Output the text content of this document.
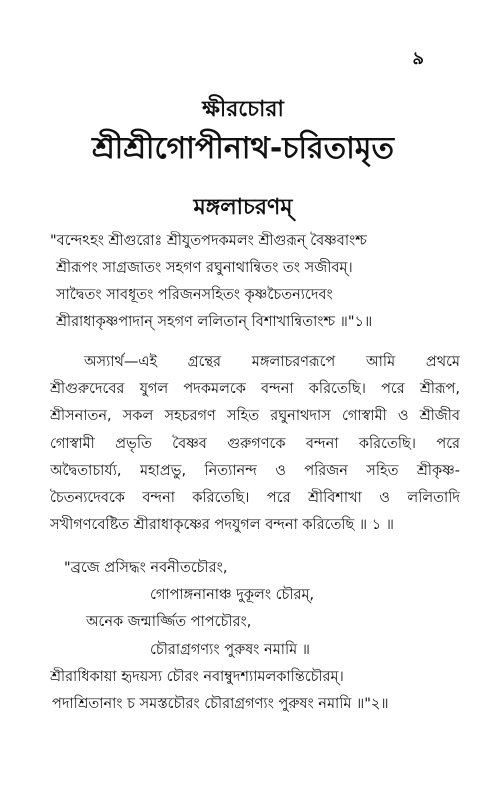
৯
ক্ষীরচোরা
শ্রীশ্রীগোপীনাথ-চরিতামৃত
মঙ্গলাচরণম্
"বন্দেঽহং শ্রীগুরোঃ শ্রীযুতপদকমলং শ্রীগুরূন্ বৈষ্ণবাংশ্চ
শ্রীরূপং সাগ্রজাতং সহগণ রঘুনাথান্বিতং তং সজীবম্।
সাদ্বৈতং সাবধূতং পরিজনসহিতং কৃষ্ণচৈতন্যদেবং
শ্রীরাধাকৃষ্ণপাদান্ সহগণ ললিতান্ বিশাখান্বিতাংশ্চ ॥"১॥
অস্যার্থ—এই গ্রন্থের মঙ্গলাচরণরূপে আমি প্রথমে
শ্রীগুরুদেবের যুগল পদকমলকে বন্দনা করিতেছি। পরে শ্রীরূপ,
শ্রীসনাতন, সকল সহচরগণ সহিত রঘুনাথদাস গোস্বামী ও শ্রীজীব
গোস্বামী প্রভৃতি বৈষ্ণব গুরুগণকে বন্দনা করিতেছি। পরে
অদ্বৈতাচার্য্য, মহাপ্রভু, নিত্যানন্দ ও পরিজন সহিত শ্রীকৃষ্ণ-
চৈতন্যদেবকে বন্দনা করিতেছি। পরে শ্রীবিশাখা ও ললিতাদি
সখীগণবেষ্টিত শ্রীরাধাকৃষ্ণের পদযুগল বন্দনা করিতেছি ॥ ১ ॥
"ব্রজে প্রসিদ্ধং নবনীতচৌরং,
গোপাঙ্গনানাঞ্চ দুকূলং চৌরম্,
অনেক জন্মার্জ্জিত পাপচৌরং,
চৌরাগ্রগণ্যং পুরুষং নমামি ॥
শ্রীরাধিকায়া হৃদয়স্য চৌরং নবাম্বুদশ্যামলকান্তিচৌরম্।
পদাশ্রিতানাং চ সমস্তচৌরং চৌরাগ্রগণ্যং পুরুষং নমামি ॥"২॥
